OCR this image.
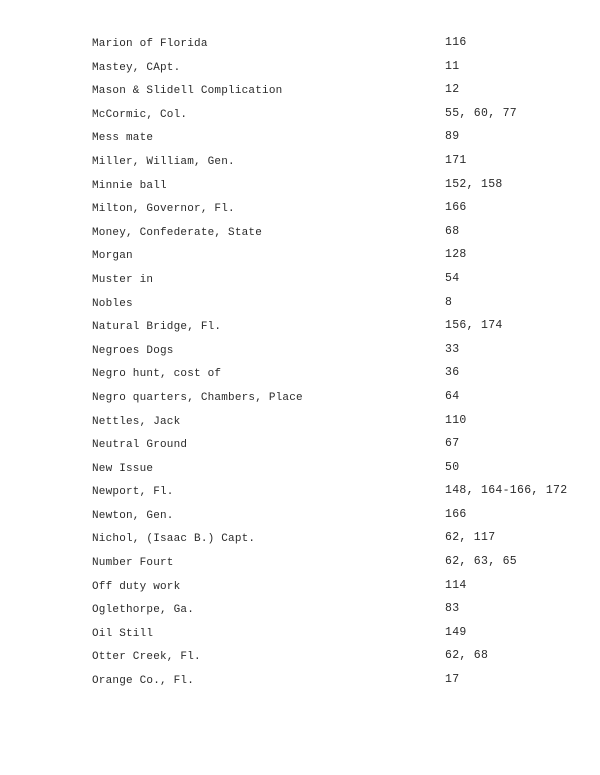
Marion of Florida	116
Mastey, CApt.	11
Mason & Slidell Complication	12
McCormic, Col.	55, 60, 77
Mess mate	89
Miller, William, Gen.	171
Minnie ball	152, 158
Milton, Governor, Fl.	166
Money, Confederate, State	68
Morgan	128
Muster in	54
Nobles	8
Natural Bridge, Fl.	156, 174
Negroes Dogs	33
Negro hunt, cost of	36
Negro quarters, Chambers, Place	64
Nettles, Jack	110
Neutral Ground	67
New Issue	50
Newport, Fl.	148, 164-166, 172
Newton, Gen.	166
Nichol, (Isaac B.) Capt.	62, 117
Number Fourt	62, 63, 65
Off duty work	114
Oglethorpe, Ga.	83
Oil Still	149
Otter Creek, Fl.	62, 68
Orange Co., Fl.	17
